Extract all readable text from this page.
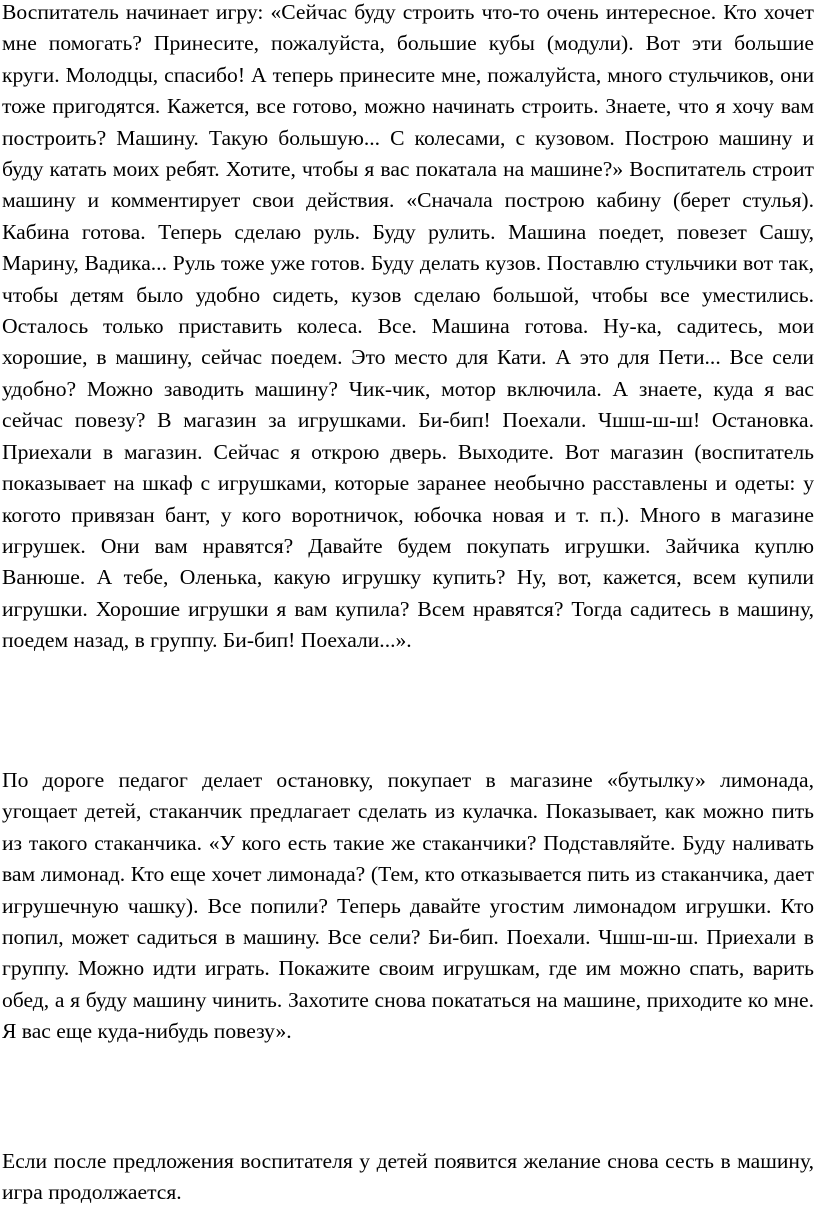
Воспитатель начинает игру: «Сейчас буду строить что-то очень интересное. Кто хочет мне помогать? Принесите, пожалуйста, большие кубы (модули). Вот эти большие круги. Молодцы, спасибо! А теперь принесите мне, пожалуйста, много стульчиков, они тоже пригодятся. Кажется, все готово, можно начинать строить. Знаете, что я хочу вам построить? Машину. Такую большую... С колесами, с кузовом. Построю машину и буду катать моих ребят. Хотите, чтобы я вас покатала на машине?» Воспитатель строит машину и комментирует свои действия. «Сначала построю кабину (берет стулья). Кабина готова. Теперь сделаю руль. Буду рулить. Машина поедет, повезет Сашу, Марину, Вадика... Руль тоже уже готов. Буду делать кузов. Поставлю стульчики вот так, чтобы детям было удобно сидеть, кузов сделаю большой, чтобы все уместились. Осталось только приставить колеса. Все. Машина готова. Ну-ка, садитесь, мои хорошие, в машину, сейчас поедем. Это место для Кати. А это для Пети... Все сели удобно? Можно заводить машину? Чик-чик, мотор включила. А знаете, куда я вас сейчас повезу? В магазин за игрушками. Би-бип! Поехали. Чшш-ш-ш! Остановка. Приехали в магазин. Сейчас я открою дверь. Выходите. Вот магазин (воспитатель показывает на шкаф с игрушками, которые заранее необычно расставлены и одеты: у когото привязан бант, у кого воротничок, юбочка новая и т. п.). Много в магазине игрушек. Они вам нравятся? Давайте будем покупать игрушки. Зайчика куплю Ванюше. А тебе, Оленька, какую игрушку купить? Ну, вот, кажется, всем купили игрушки. Хорошие игрушки я вам купила? Всем нравятся? Тогда садитесь в машину, поедем назад, в группу. Би-бип! Поехали...».

По дороге педагог делает остановку, покупает в магазине «бутылку» лимонада, угощает детей, стаканчик предлагает сделать из кулачка. Показывает, как можно пить из такого стаканчика. «У кого есть такие же стаканчики? Подставляйте. Буду наливать вам лимонад. Кто еще хочет лимонада? (Тем, кто отказывается пить из стаканчика, дает игрушечную чашку). Все попили? Теперь давайте угостим лимонадом игрушки. Кто попил, может садиться в машину. Все сели? Би-бип. Поехали. Чшш-ш-ш. Приехали в группу. Можно идти играть. Покажите своим игрушкам, где им можно спать, варить обед, а я буду машину чинить. Захотите снова покататься на машине, приходите ко мне. Я вас еще куда-нибудь повезу».

Если после предложения воспитателя у детей появится желание снова сесть в машину, игра продолжается.
